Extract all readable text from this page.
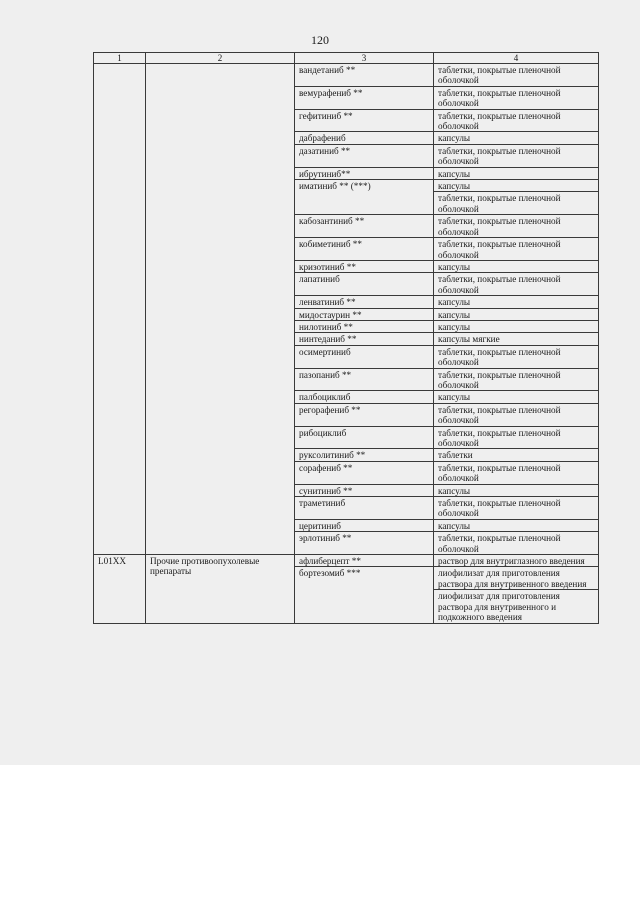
120
1	2	3	4
		вандетаниб **	таблетки, покрытые пленочной оболочкой
		вемурафениб **	таблетки, покрытые пленочной оболочкой
		гефитиниб **	таблетки, покрытые пленочной оболочкой
		дабрафениб	капсулы
		дазатиниб **	таблетки, покрытые пленочной оболочкой
		ибрутиниб**	капсулы
		иматиниб ** (***)	капсулы
			таблетки, покрытые пленочной оболочкой
		кабозантиниб **	таблетки, покрытые пленочной оболочкой
		кобиметиниб **	таблетки, покрытые пленочной оболочкой
		кризотиниб **	капсулы
		лапатиниб	таблетки, покрытые пленочной оболочкой
		ленватиниб **	капсулы
		мидостаурин **	капсулы
		нилотиниб **	капсулы
		нинтеданиб **	капсулы мягкие
		осимертиниб	таблетки, покрытые пленочной оболочкой
		пазопаниб **	таблетки, покрытые пленочной оболочкой
		палбоциклиб	капсулы
		регорафениб **	таблетки, покрытые пленочной оболочкой
		рибоциклиб	таблетки, покрытые пленочной оболочкой
		руксолитиниб **	таблетки
		сорафениб **	таблетки, покрытые пленочной оболочкой
		сунитиниб **	капсулы
		траметиниб	таблетки, покрытые пленочной оболочкой
		церитиниб	капсулы
		эрлотиниб **	таблетки, покрытые пленочной оболочкой
L01XX	Прочие противоопухолевые препараты	афлиберцепт **	раствор для внутриглазного введения
		бортезомиб ***	лиофилизат для приготовления раствора для внутривенного введения
			лиофилизат для приготовления раствора для внутривенного и подкожного введения
